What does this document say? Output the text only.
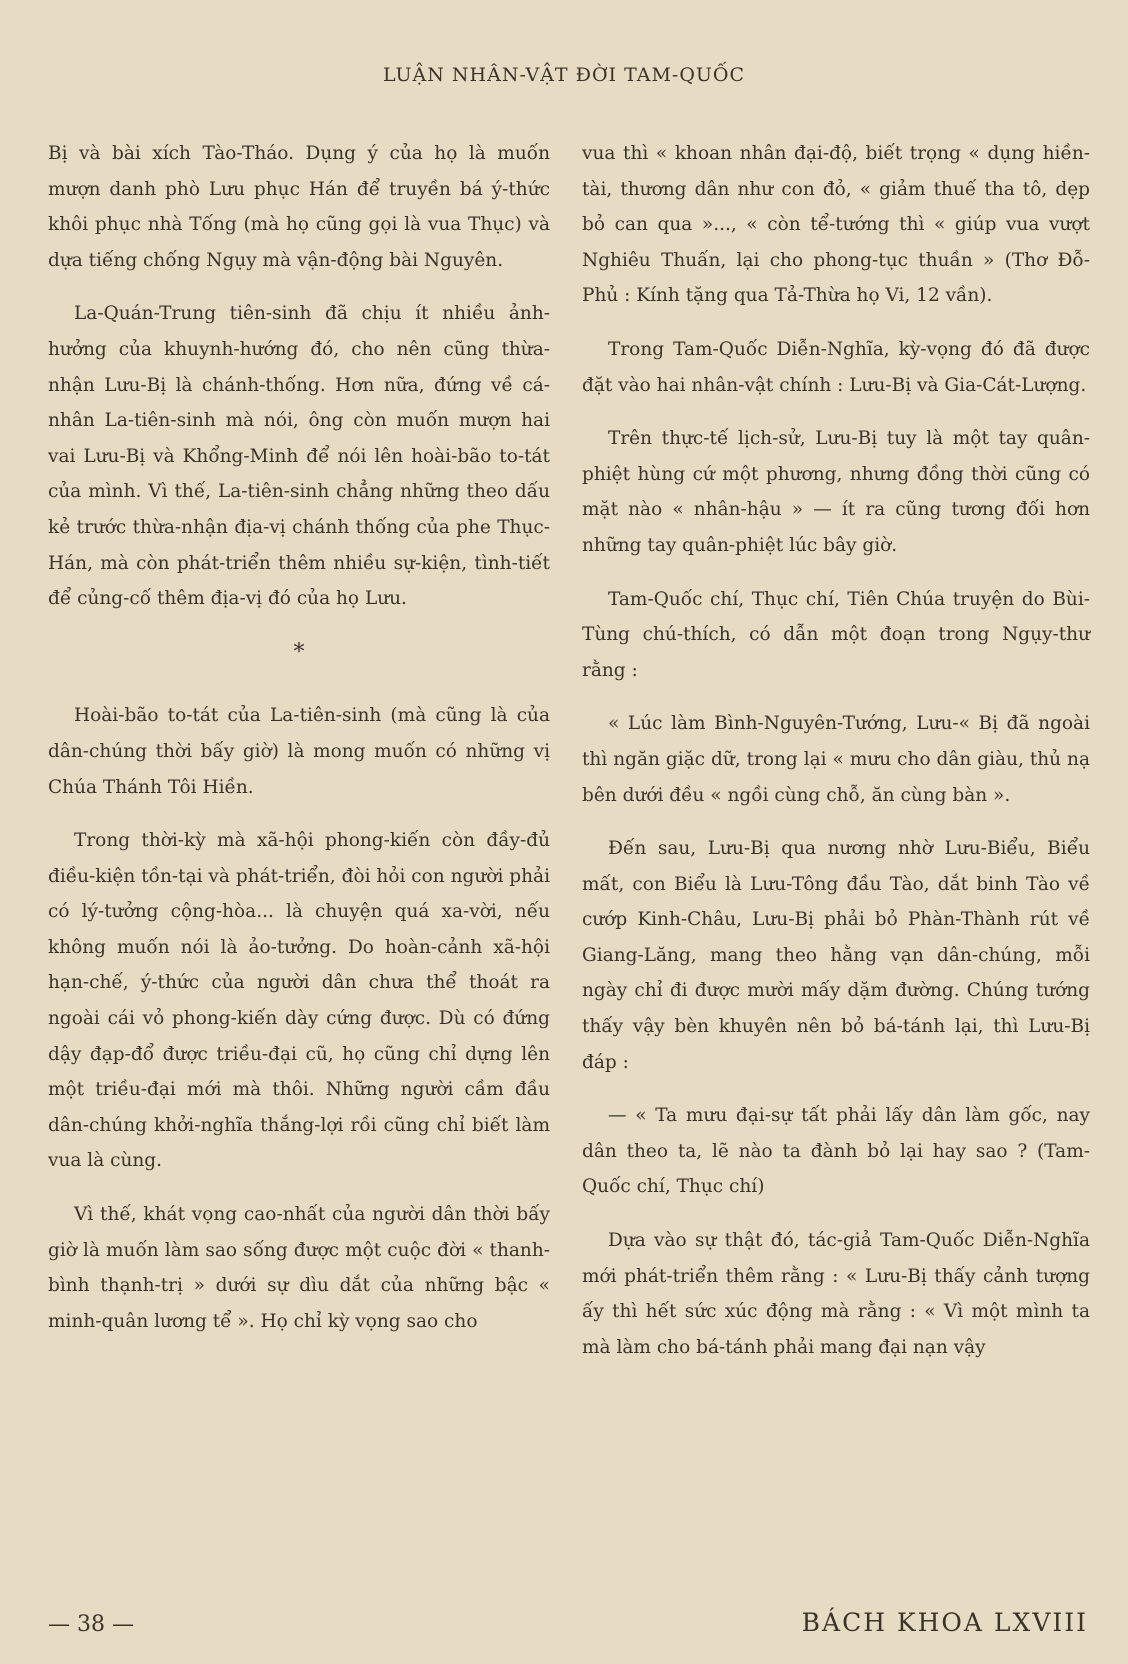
LUẬN NHÂN-VẬT ĐỜI TAM-QUỐC

Bị và bài xích Tào-Tháo. Dụng ý của họ là muốn mượn danh phò Lưu phục Hán để truyền bá ý-thức khôi phục nhà Tống (mà họ cũng gọi là vua Thục) và dựa tiếng chống Ngụy mà vận-động bài Nguyên.

La-Quán-Trung tiên-sinh đã chịu ít nhiều ảnh-hưởng của khuynh-hướng đó, cho nên cũng thừa-nhận Lưu-Bị là chánh-thống. Hơn nữa, đứng về cá-nhân La-tiên-sinh mà nói, ông còn muốn mượn hai vai Lưu-Bị và Khổng-Minh để nói lên hoài-bão to-tát của mình. Vì thế, La-tiên-sinh chẳng những theo dấu kẻ trước thừa-nhận địa-vị chánh thống của phe Thục-Hán, mà còn phát-triển thêm nhiều sự-kiện, tình-tiết để củng-cố thêm địa-vị đó của họ Lưu.

*

Hoài-bão to-tát của La-tiên-sinh (mà cũng là của dân-chúng thời bấy giờ) là mong muốn có những vị Chúa Thánh Tôi Hiền.

Trong thời-kỳ mà xã-hội phong-kiến còn đầy-đủ điều-kiện tồn-tại và phát-triển, đòi hỏi con người phải có lý-tưởng cộng-hòa... là chuyện quá xa-vời, nếu không muốn nói là ảo-tưởng. Do hoàn-cảnh xã-hội hạn-chế, ý-thức của người dân chưa thể thoát ra ngoài cái vỏ phong-kiến dày cứng được. Dù có đứng dậy đạp-đổ được triều-đại cũ, họ cũng chỉ dựng lên một triều-đại mới mà thôi. Những người cầm đầu dân-chúng khởi-nghĩa thắng-lợi rồi cũng chỉ biết làm vua là cùng.

Vì thế, khát vọng cao-nhất của người dân thời bấy giờ là muốn làm sao sống được một cuộc đời « thanh-bình thạnh-trị » dưới sự dìu dắt của những bậc « minh-quân lương tể ». Họ chỉ kỳ vọng sao cho

vua thì « khoan nhân đại-độ, biết trọng « dụng hiền-tài, thương dân như con đỏ, « giảm thuế tha tô, dẹp bỏ can qua »..., « còn tể-tướng thì « giúp vua vượt Nghiêu Thuấn, lại cho phong-tục thuần » (Thơ Đỗ-Phủ : Kính tặng qua Tả-Thừa họ Vi, 12 vần).

Trong Tam-Quốc Diễn-Nghĩa, kỳ-vọng đó đã được đặt vào hai nhân-vật chính : Lưu-Bị và Gia-Cát-Lượng.

Trên thực-tế lịch-sử, Lưu-Bị tuy là một tay quân-phiệt hùng cứ một phương, nhưng đồng thời cũng có mặt nào « nhân-hậu » — ít ra cũng tương đối hơn những tay quân-phiệt lúc bây giờ.

Tam-Quốc chí, Thục chí, Tiên Chúa truyện do Bùi-Tùng chú-thích, có dẫn một đoạn trong Ngụy-thư rằng :

« Lúc làm Bình-Nguyên-Tướng, Lưu-« Bị đã ngoài thì ngăn giặc dữ, trong lại « mưu cho dân giàu, thủ nạ bên dưới đều « ngồi cùng chỗ, ăn cùng bàn ».

Đến sau, Lưu-Bị qua nương nhờ Lưu-Biểu, Biểu mất, con Biểu là Lưu-Tông đầu Tào, dắt binh Tào về cướp Kinh-Châu, Lưu-Bị phải bỏ Phàn-Thành rút về Giang-Lăng, mang theo hằng vạn dân-chúng, mỗi ngày chỉ đi được mười mấy dặm đường. Chúng tướng thấy vậy bèn khuyên nên bỏ bá-tánh lại, thì Lưu-Bị đáp :

— « Ta mưu đại-sự tất phải lấy dân làm gốc, nay dân theo ta, lẽ nào ta đành bỏ lại hay sao ? (Tam-Quốc chí, Thục chí)

Dựa vào sự thật đó, tác-giả Tam-Quốc Diễn-Nghĩa mới phát-triển thêm rằng : « Lưu-Bị thấy cảnh tượng ấy thì hết sức xúc động mà rằng : « Vì một mình ta mà làm cho bá-tánh phải mang đại nạn vậy

— 38 —	BÁCH KHOA LXVIII
